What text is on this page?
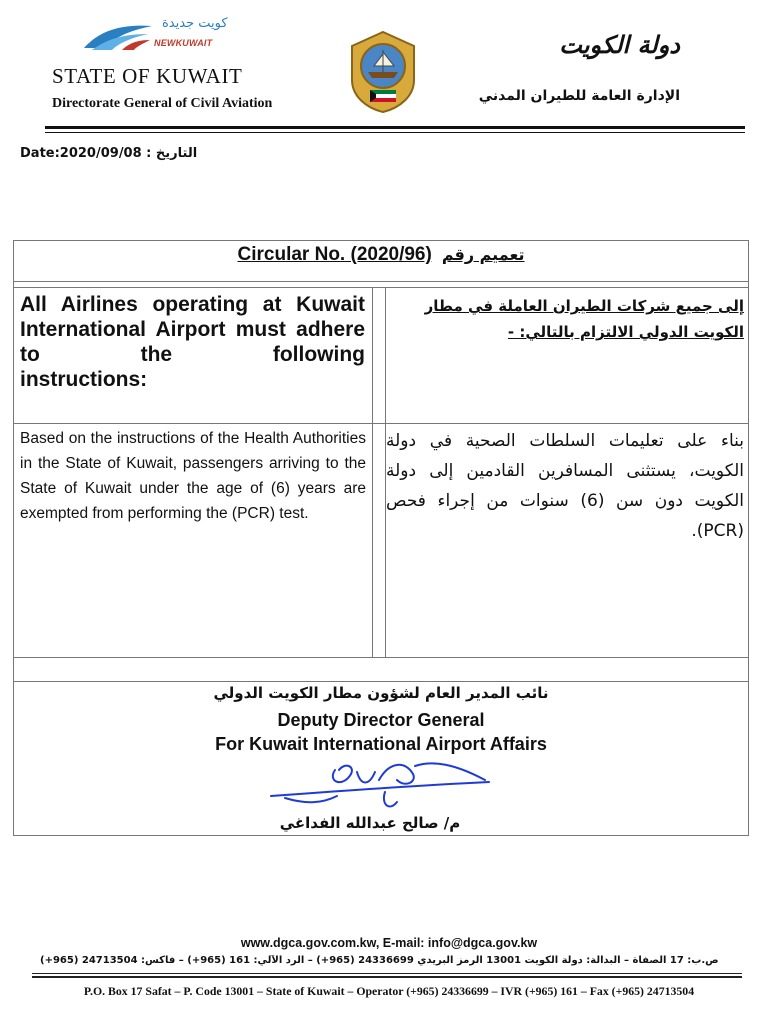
كويت جديدة
NEWKUWAIT
STATE OF KUWAIT
Directorate General of Civil Aviation
دولة الكويت
الإدارة العامة للطيران المدني
Date:2020/09/08 : التاريخ
Circular No. (2020/96) تعميم رقم
All Airlines operating at Kuwait International Airport must adhere to the following
instructions:
إلى جميع شركات الطيران العاملة في مطار الكويت الدولي الالتزام بالتالي: -
Based on the instructions of the Health Authorities in the State of Kuwait, passengers arriving to the State of Kuwait under the age of (6) years are exempted from performing the (PCR) test.
بناء على تعليمات السلطات الصحية في دولة الكويت، يستثنى المسافرين القادمين إلى دولة الكويت دون سن (6) سنوات من إجراء فحص (PCR).
نائب المدير العام لشؤون مطار الكويت الدولي
Deputy Director General
For Kuwait International Airport Affairs
م/ صالح عبدالله الفداغي
www.dgca.gov.com.kw, E-mail: info@dgca.gov.kw
ص.ب: 17 الصفاة – البدالة: دولة الكويت 13001 الرمز البريدي 24336699 (965+) – الرد الآلي: 161 (965+) – فاكس: 24713504 (965+)
P.O. Box 17 Safat – P. Code 13001 – State of Kuwait – Operator (+965) 24336699 – IVR (+965) 161 – Fax (+965) 24713504
